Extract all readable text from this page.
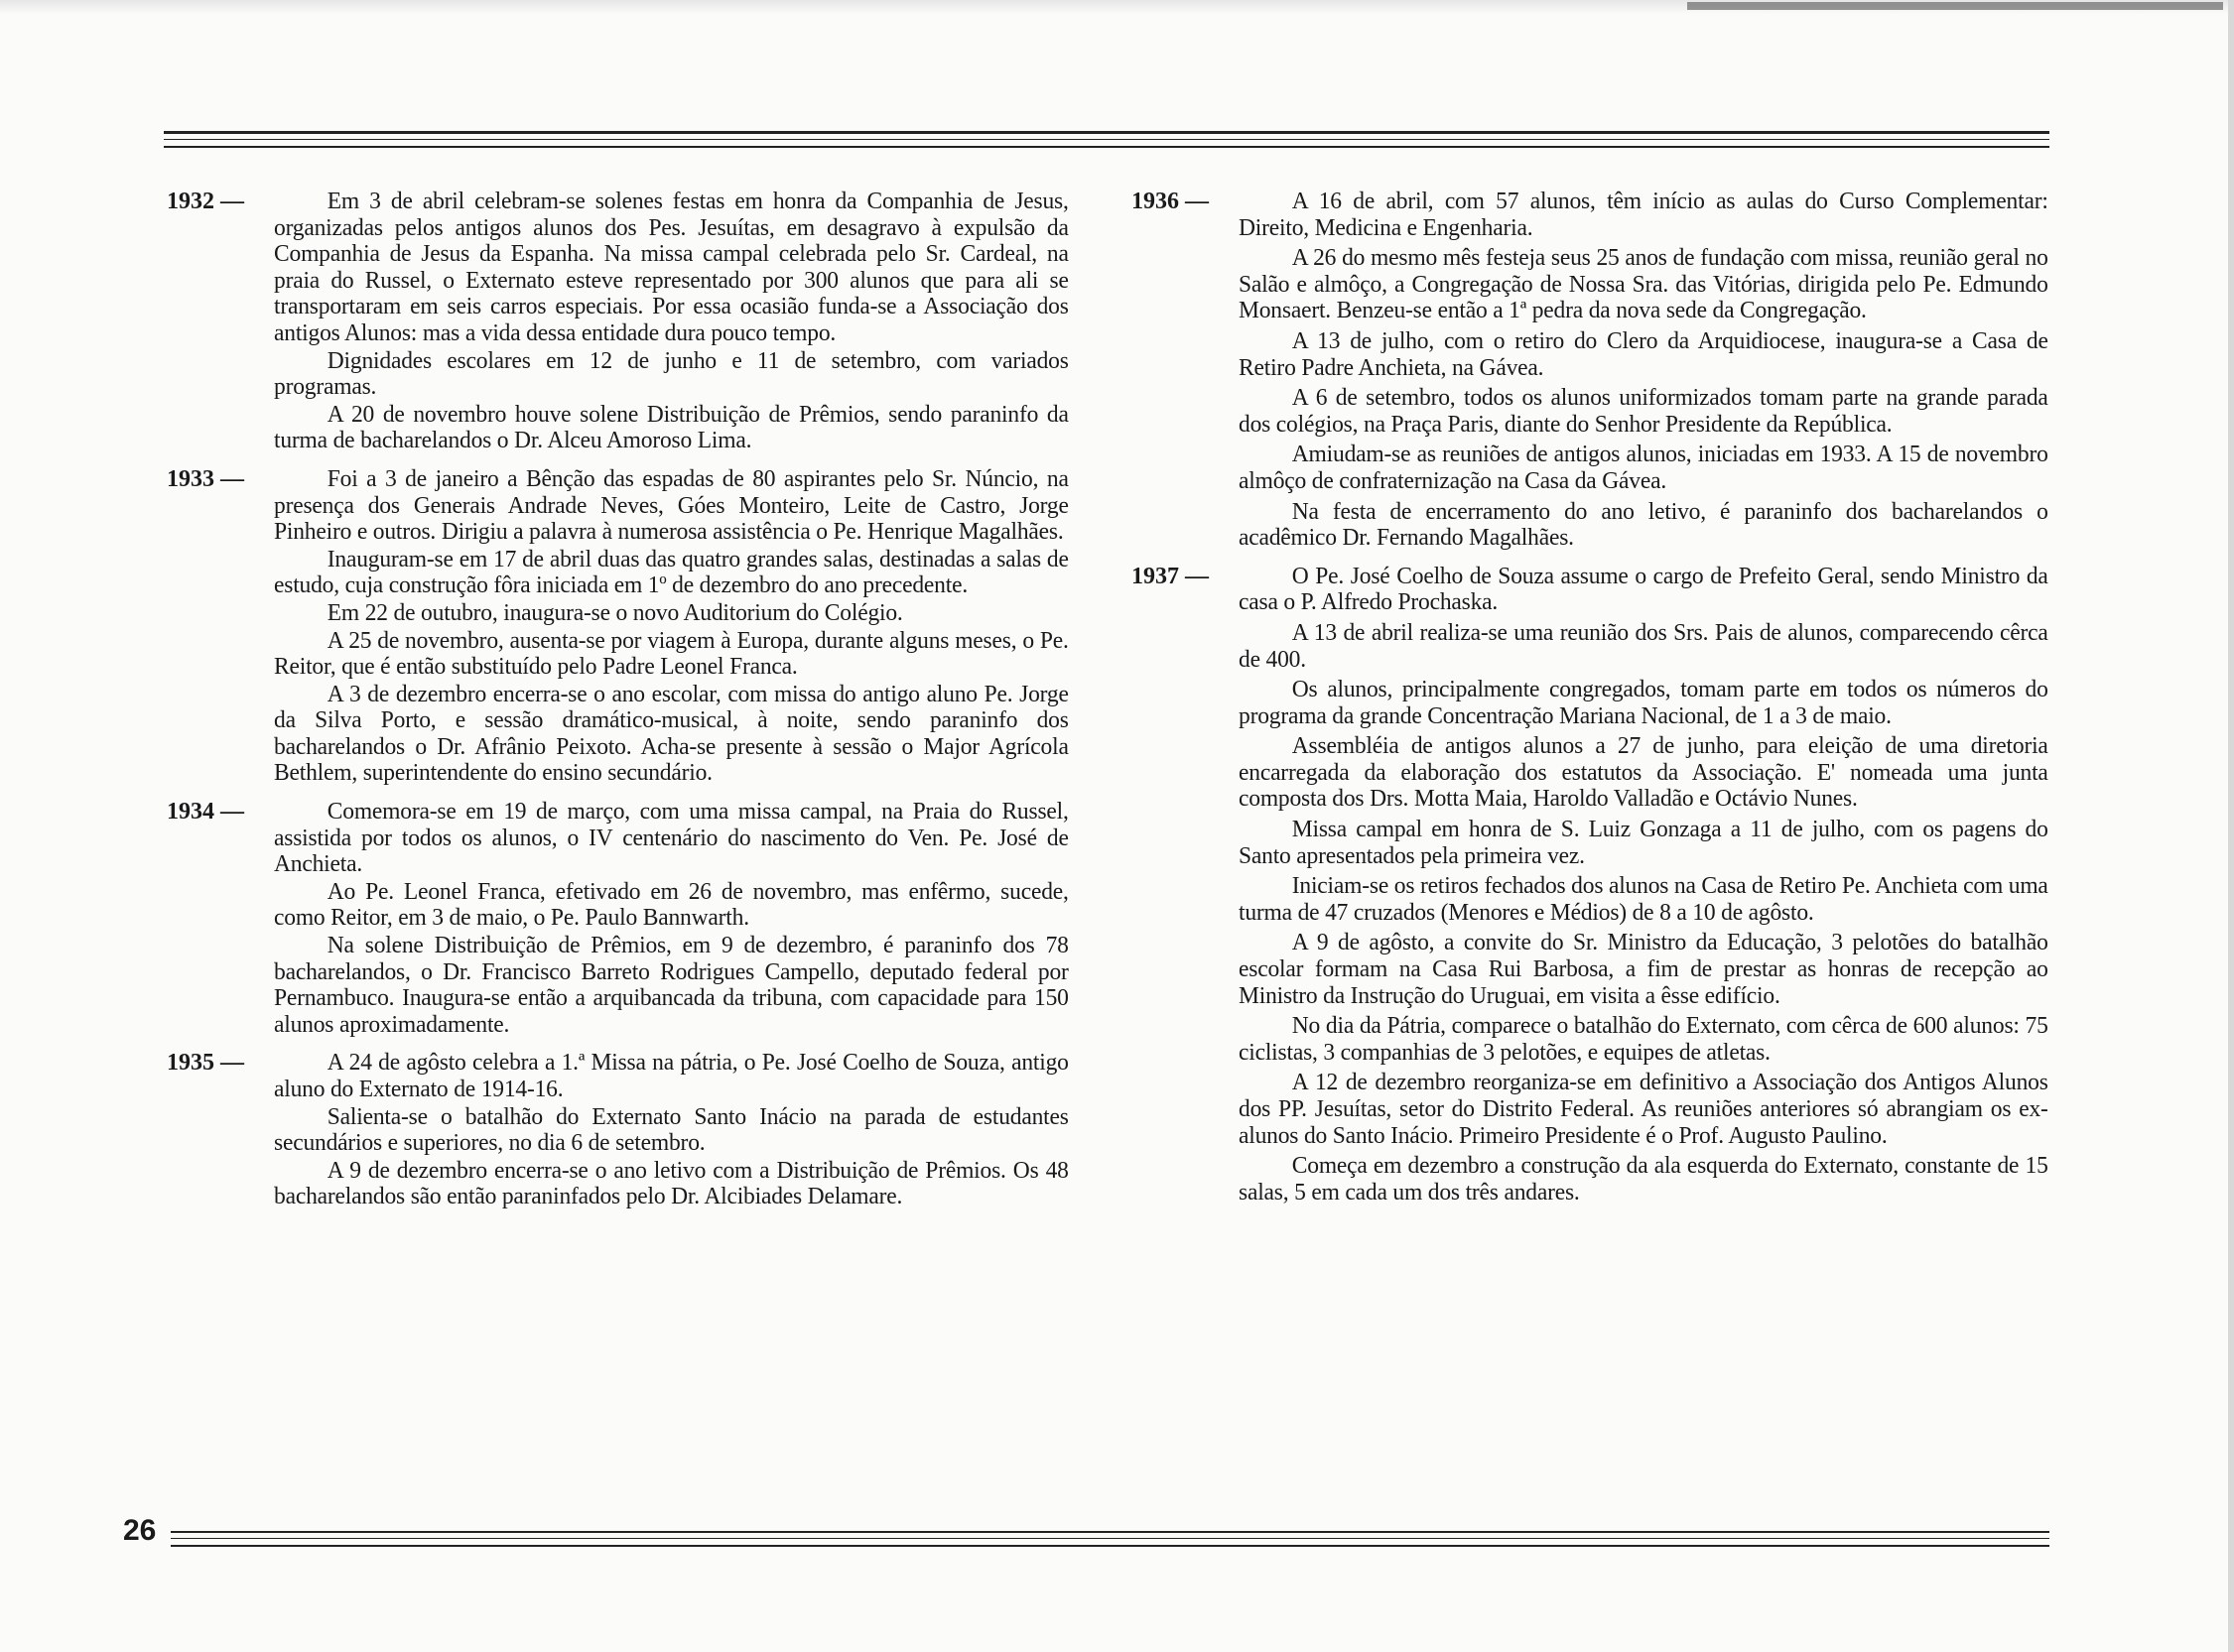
1932 —	Em 3 de abril celebram-se solenes festas em honra da Companhia de Jesus, organizadas pelos antigos alunos dos Pes. Jesuítas, em desagravo à expulsão da Companhia de Jesus da Espanha. Na missa campal celebrada pelo Sr. Cardeal, na praia do Russel, o Externato esteve representado por 300 alunos que para ali se transportaram em seis carros especiais. Por essa ocasião funda-se a Associação dos antigos Alunos: mas a vida dessa entidade dura pouco tempo.

Dignidades escolares em 12 de junho e 11 de setembro, com variados programas.

A 20 de novembro houve solene Distribuição de Prêmios, sendo paraninfo da turma de bacharelandos o Dr. Alceu Amoroso Lima.

1933 —	Foi a 3 de janeiro a Bênção das espadas de 80 aspirantes pelo Sr. Núncio, na presença dos Generais Andrade Neves, Góes Monteiro, Leite de Castro, Jorge Pinheiro e outros. Dirigiu a palavra à numerosa assistência o Pe. Henrique Magalhães.

Inauguram-se em 17 de abril duas das quatro grandes salas, destinadas a salas de estudo, cuja construção fôra iniciada em 1º de dezembro do ano precedente.

Em 22 de outubro, inaugura-se o novo Auditorium do Colégio.

A 25 de novembro, ausenta-se por viagem à Europa, durante alguns meses, o Pe. Reitor, que é então substituído pelo Padre Leonel Franca.

A 3 de dezembro encerra-se o ano escolar, com missa do antigo aluno Pe. Jorge da Silva Porto, e sessão dramático-musical, à noite, sendo paraninfo dos bacharelandos o Dr. Afrânio Peixoto. Acha-se presente à sessão o Major Agrícola Bethlem, superintendente do ensino secundário.

1934 —	Comemora-se em 19 de março, com uma missa campal, na Praia do Russel, assistida por todos os alunos, o IV centenário do nascimento do Ven. Pe. José de Anchieta.

Ao Pe. Leonel Franca, efetivado em 26 de novembro, mas enfêrmo, sucede, como Reitor, em 3 de maio, o Pe. Paulo Bannwarth.

Na solene Distribuição de Prêmios, em 9 de dezembro, é paraninfo dos 78 bacharelandos, o Dr. Francisco Barreto Rodrigues Campello, deputado federal por Pernambuco. Inaugura-se então a arquibancada da tribuna, com capacidade para 150 alunos aproximadamente.

1935 —	A 24 de agôsto celebra a 1.ª Missa na pátria, o Pe. José Coelho de Souza, antigo aluno do Externato de 1914-16.

Salienta-se o batalhão do Externato Santo Inácio na parada de estudantes secundários e superiores, no dia 6 de setembro.

A 9 de dezembro encerra-se o ano letivo com a Distribuição de Prêmios. Os 48 bacharelandos são então paraninfados pelo Dr. Alcibiades Delamare.

1936 —	A 16 de abril, com 57 alunos, têm início as aulas do Curso Complementar: Direito, Medicina e Engenharia.

A 26 do mesmo mês festeja seus 25 anos de fundação com missa, reunião geral no Salão e almôço, a Congregação de Nossa Sra. das Vitórias, dirigida pelo Pe. Edmundo Monsaert. Benzeu-se então a 1ª pedra da nova sede da Congregação.

A 13 de julho, com o retiro do Clero da Arquidiocese, inaugura-se a Casa de Retiro Padre Anchieta, na Gávea.

A 6 de setembro, todos os alunos uniformizados tomam parte na grande parada dos colégios, na Praça Paris, diante do Senhor Presidente da República.

Amiudam-se as reuniões de antigos alunos, iniciadas em 1933. A 15 de novembro almôço de confraternização na Casa da Gávea.

Na festa de encerramento do ano letivo, é paraninfo dos bacharelandos o acadêmico Dr. Fernando Magalhães.

1937 —	O Pe. José Coelho de Souza assume o cargo de Prefeito Geral, sendo Ministro da casa o P. Alfredo Prochaska.

A 13 de abril realiza-se uma reunião dos Srs. Pais de alunos, comparecendo cêrca de 400.

Os alunos, principalmente congregados, tomam parte em todos os números do programa da grande Concentração Mariana Nacional, de 1 a 3 de maio.

Assembléia de antigos alunos a 27 de junho, para eleição de uma diretoria encarregada da elaboração dos estatutos da Associação. E' nomeada uma junta composta dos Drs. Motta Maia, Haroldo Valladão e Octávio Nunes.

Missa campal em honra de S. Luiz Gonzaga a 11 de julho, com os pagens do Santo apresentados pela primeira vez.

Iniciam-se os retiros fechados dos alunos na Casa de Retiro Pe. Anchieta com uma turma de 47 cruzados (Menores e Médios) de 8 a 10 de agôsto.

A 9 de agôsto, a convite do Sr. Ministro da Educação, 3 pelotões do batalhão escolar formam na Casa Rui Barbosa, a fim de prestar as honras de recepção ao Ministro da Instrução do Uruguai, em visita a êsse edifício.

No dia da Pátria, comparece o batalhão do Externato, com cêrca de 600 alunos: 75 ciclistas, 3 companhias de 3 pelotões, e equipes de atletas.

A 12 de dezembro reorganiza-se em definitivo a Associação dos Antigos Alunos dos PP. Jesuítas, setor do Distrito Federal. As reuniões anteriores só abrangiam os ex-alunos do Santo Inácio. Primeiro Presidente é o Prof. Augusto Paulino.

Começa em dezembro a construção da ala esquerda do Externato, constante de 15 salas, 5 em cada um dos três andares.

26
